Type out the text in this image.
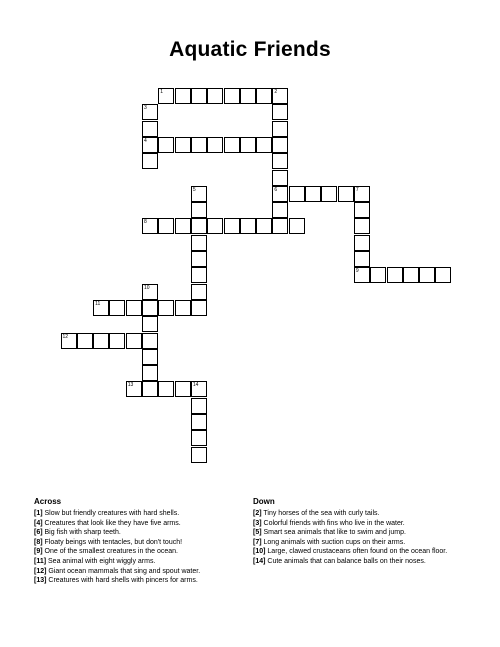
Aquatic Friends
1	2
3
4
5	6	7
8
9
10
11
12
13	14
Across
[1] Slow but friendly creatures with hard shells.
[4] Creatures that look like they have five arms.
[6] Big fish with sharp teeth.
[8] Floaty beings with tentacles, but don't touch!
[9] One of the smallest creatures in the ocean.
[11] Sea animal with eight wiggly arms.
[12] Giant ocean mammals that sing and spout water.
[13] Creatures with hard shells with pincers for arms.
Down
[2] Tiny horses of the sea with curly tails.
[3] Colorful friends with fins who live in the water.
[5] Smart sea animals that like to swim and jump.
[7] Long animals with suction cups on their arms.
[10] Large, clawed crustaceans often found on the ocean floor.
[14] Cute animals that can balance balls on their noses.
